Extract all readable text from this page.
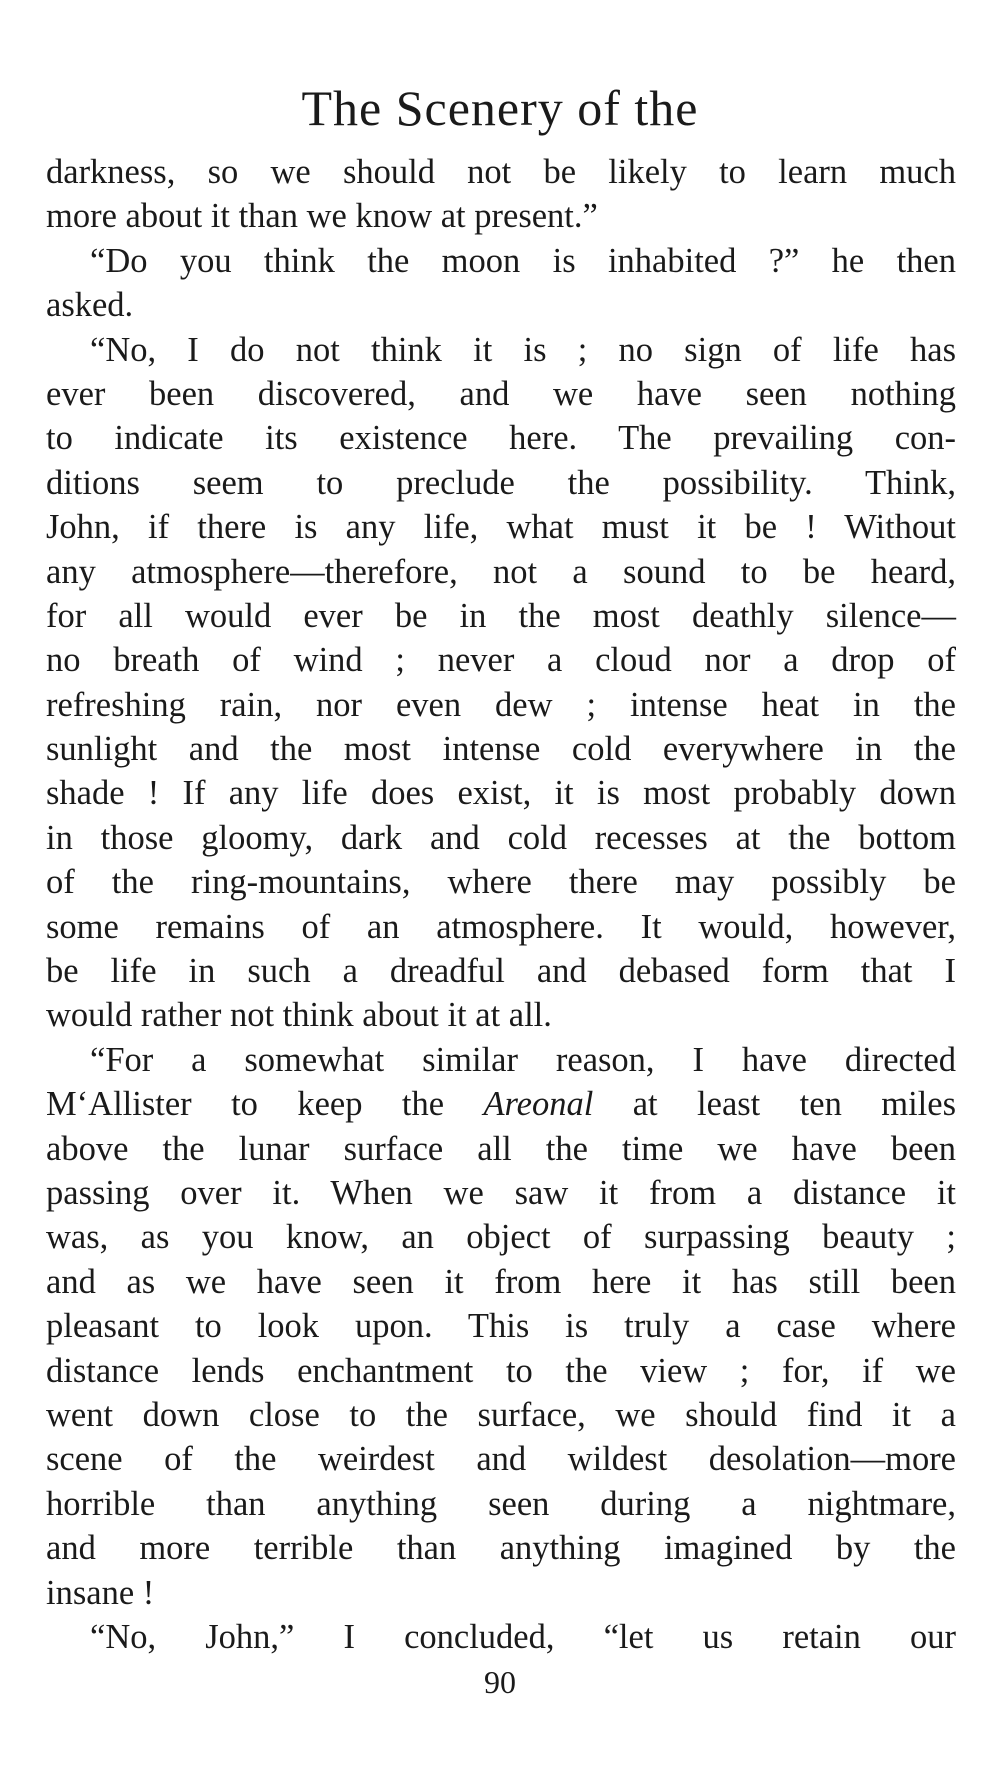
The Scenery of the
darkness, so we should not be likely to learn much
more about it than we know at present.”
“Do you think the moon is inhabited ?” he then
asked.
“No, I do not think it is ; no sign of life has
ever been discovered, and we have seen nothing
to indicate its existence here. The prevailing con-
ditions seem to preclude the possibility. Think,
John, if there is any life, what must it be ! Without
any atmosphere—therefore, not a sound to be heard,
for all would ever be in the most deathly silence—
no breath of wind ; never a cloud nor a drop of
refreshing rain, nor even dew ; intense heat in the
sunlight and the most intense cold everywhere in the
shade ! If any life does exist, it is most probably down
in those gloomy, dark and cold recesses at the bottom
of the ring-mountains, where there may possibly be
some remains of an atmosphere. It would, however,
be life in such a dreadful and debased form that I
would rather not think about it at all.
“For a somewhat similar reason, I have directed
M‘Allister to keep the Areonal at least ten miles
above the lunar surface all the time we have been
passing over it. When we saw it from a distance it
was, as you know, an object of surpassing beauty ;
and as we have seen it from here it has still been
pleasant to look upon. This is truly a case where
distance lends enchantment to the view ; for, if we
went down close to the surface, we should find it a
scene of the weirdest and wildest desolation—more
horrible than anything seen during a nightmare,
and more terrible than anything imagined by the
insane !
“No, John,” I concluded, “let us retain our
90
